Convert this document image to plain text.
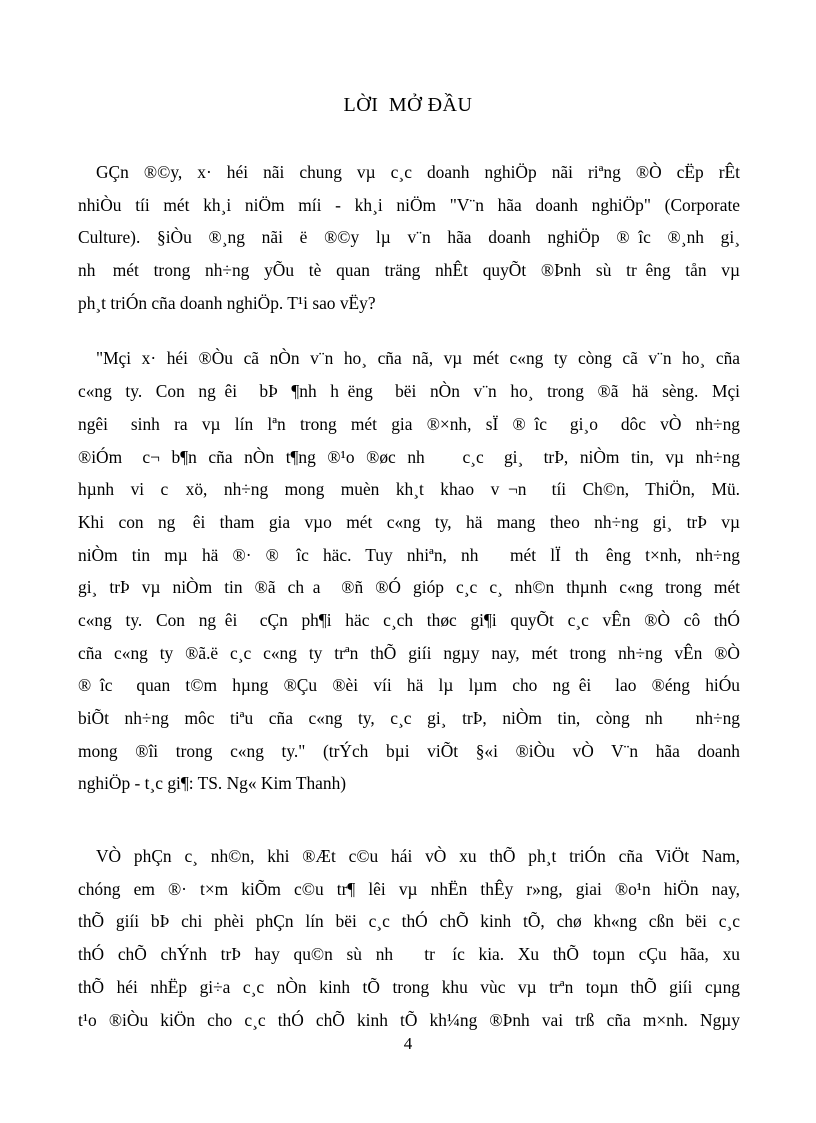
LỜI MỞ ĐẦU
GÇn ®©y, x· héi nãi chung vµ c¸c doanh nghiÖp nãi riªng ®Ò cËp rÊt
nhiÒu tíi mét kh¸i niÖm míi - kh¸i niÖm "V¨n hãa doanh nghiÖp" (Corporate
Culture). §iÒu ®¸ng nãi ë ®©y lµ v¨n hãa doanh nghiÖp ® îc ®¸nh gi¸
nh  mét trong nh÷ng yÕu tè quan träng nhÊt quyÕt ®Þnh sù tr êng tån vµ
ph¸t triÓn cña doanh nghiÖp. T¹i sao vËy?
"Mçi x· héi ®Òu cã nÒn v¨n ho¸ cña nã, vµ mét c«ng ty còng cã v¨n ho¸ cña
c«ng ty. Con ng êi  bÞ ¶nh h ëng  bëi nÒn v¨n ho¸ trong ®ã hä sèng. Mçi
ngêi  sinh ra vµ lín lªn trong mét gia ®×nh, sÏ ® îc  gi¸o  dôc vÒ nh÷ng
®iÓm  c¬ b¶n cña nÒn t¶ng ®¹o ®øc nh   c¸c  gi¸  trÞ, niÒm tin, vµ nh÷ng
hµnh vi c  xö, nh÷ng mong muèn kh¸t khao v ¬n  tíi Ch©n, ThiÖn, Mü.
Khi con ng  êi tham gia vµo mét c«ng ty, hä mang theo nh÷ng gi¸ trÞ vµ
niÒm tin mµ hä ®· ®  îc häc. Tuy nhiªn, nh   mét lÏ th  êng t×nh, nh÷ng
gi¸ trÞ vµ niÒm tin ®ã ch a  ®ñ ®Ó gióp c¸c c¸ nh©n thµnh c«ng trong mét
c«ng ty. Con ng êi  cÇn ph¶i häc c¸ch thøc gi¶i quyÕt c¸c vÊn ®Ò cô thÓ
cña c«ng ty ®ã.ë c¸c c«ng ty trªn thÕ giíi ngµy nay, mét trong nh÷ng vÊn ®Ò
® îc  quan t©m hµng ®Çu ®èi víi hä lµ lµm cho ng êi  lao ®éng hiÓu
biÕt nh÷ng môc tiªu cña c«ng ty, c¸c gi¸ trÞ, niÒm tin, còng nh   nh÷ng
mong ®îi trong c«ng ty." (trÝch bµi viÕt §«i ®iÒu vÒ V¨n hãa doanh
nghiÖp - t¸c gi¶: TS. Ng« Kim Thanh)
VÒ phÇn c¸ nh©n, khi ®Æt c©u hái vÒ xu thÕ ph¸t triÓn cña ViÖt Nam,
chóng em ®· t×m kiÕm c©u tr¶ lêi vµ nhËn thÊy r»ng, giai ®o¹n hiÖn nay,
thÕ giíi bÞ chi phèi phÇn lín bëi c¸c thÓ chÕ kinh tÕ, chø kh«ng cßn bëi c¸c
thÓ chÕ chÝnh trÞ hay qu©n sù nh   tr  íc kia. Xu thÕ toµn cÇu hãa, xu
thÕ héi nhËp gi÷a c¸c nÒn kinh tÕ trong khu vùc vµ trªn toµn thÕ giíi cµng
t¹o ®iÒu kiÖn cho c¸c thÓ chÕ kinh tÕ kh¼ng ®Þnh vai trß cña m×nh. Ngµy
4
